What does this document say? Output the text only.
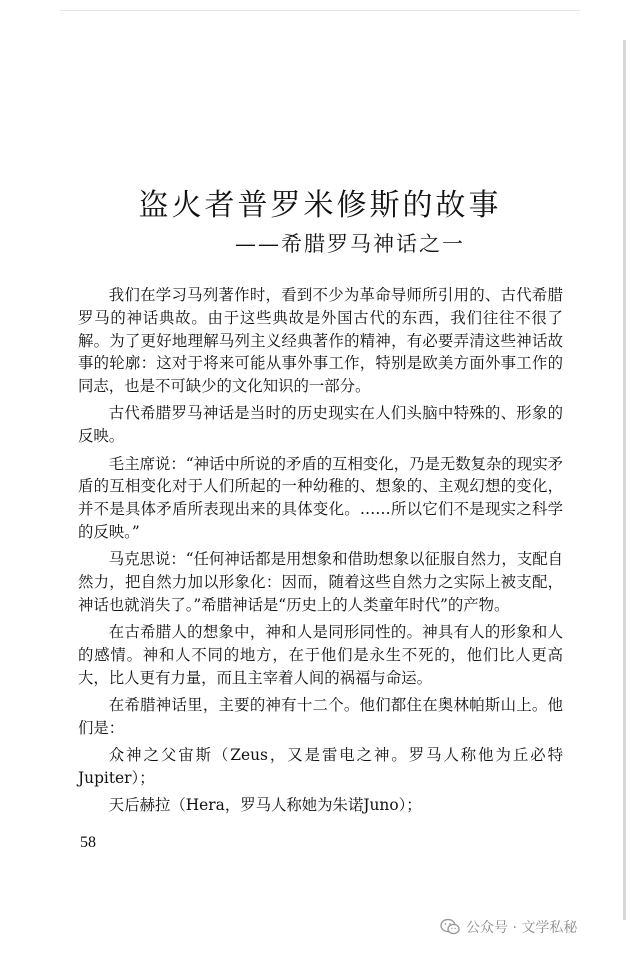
盗火者普罗米修斯的故事
——希腊罗马神话之一

我们在学习马列著作时，看到不少为革命导师所引用的、古代希腊罗马的神话典故。由于这些典故是外国古代的东西，我们往往不很了解。为了更好地理解马列主义经典著作的精神，有必要弄清这些神话故事的轮廓：这对于将来可能从事外事工作，特别是欧美方面外事工作的同志，也是不可缺少的文化知识的一部分。

古代希腊罗马神话是当时的历史现实在人们头脑中特殊的、形象的反映。

毛主席说：“神话中所说的矛盾的互相变化，乃是无数复杂的现实矛盾的互相变化对于人们所起的一种幼稚的、想象的、主观幻想的变化，并不是具体矛盾所表现出来的具体变化。……所以它们不是现实之科学的反映。”

马克思说：“任何神话都是用想象和借助想象以征服自然力，支配自然力，把自然力加以形象化：因而，随着这些自然力之实际上被支配，神话也就消失了。”希腊神话是“历史上的人类童年时代”的产物。

在古希腊人的想象中，神和人是同形同性的。神具有人的形象和人的感情。神和人不同的地方，在于他们是永生不死的，他们比人更高大，比人更有力量，而且主宰着人间的祸福与命运。

在希腊神话里，主要的神有十二个。他们都住在奥林帕斯山上。他们是：

众神之父宙斯（Zeus，又是雷电之神。罗马人称他为丘必特Jupiter）；

天后赫拉（Hera，罗马人称她为朱诺Juno）；

58
公众号 · 文学私秘
